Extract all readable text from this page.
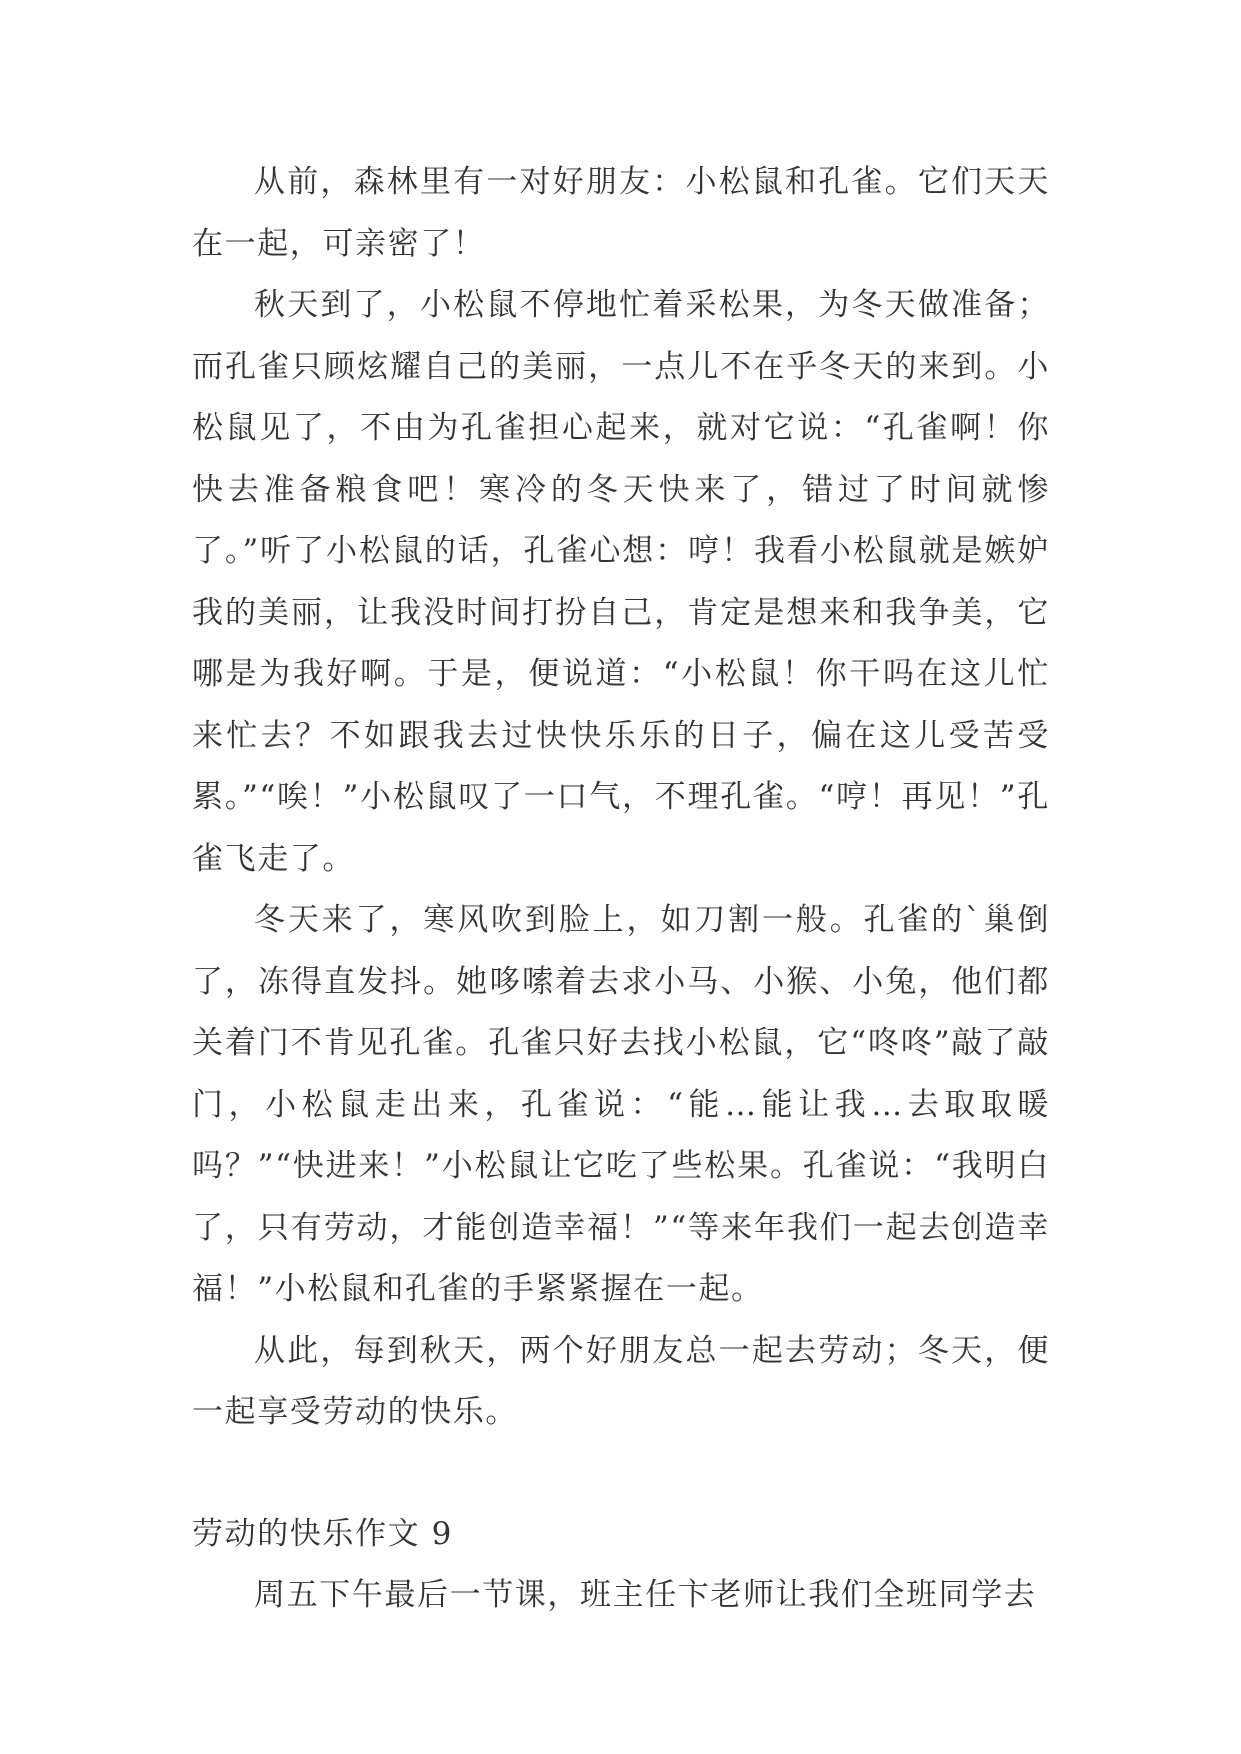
从前，森林里有一对好朋友：小松鼠和孔雀。它们天天在一起，可亲密了！

秋天到了，小松鼠不停地忙着采松果，为冬天做准备；而孔雀只顾炫耀自己的美丽，一点儿不在乎冬天的来到。小松鼠见了，不由为孔雀担心起来，就对它说：“孔雀啊！你快去准备粮食吧！寒冷的冬天快来了，错过了时间就惨了。”听了小松鼠的话，孔雀心想：哼！我看小松鼠就是嫉妒我的美丽，让我没时间打扮自己，肯定是想来和我争美，它哪是为我好啊。于是，便说道：“小松鼠！你干吗在这儿忙来忙去？不如跟我去过快快乐乐的日子，偏在这儿受苦受累。”“唉！”小松鼠叹了一口气，不理孔雀。“哼！再见！”孔雀飞走了。

冬天来了，寒风吹到脸上，如刀割一般。孔雀的`巢倒了，冻得直发抖。她哆嗦着去求小马、小猴、小兔，他们都关着门不肯见孔雀。孔雀只好去找小松鼠，它“咚咚”敲了敲门，小松鼠走出来，孔雀说：“能…能让我…去取取暖吗？”“快进来！”小松鼠让它吃了些松果。孔雀说：“我明白了，只有劳动，才能创造幸福！”“等来年我们一起去创造幸福！”小松鼠和孔雀的手紧紧握在一起。

从此，每到秋天，两个好朋友总一起去劳动；冬天，便一起享受劳动的快乐。

劳动的快乐作文 9

周五下午最后一节课，班主任卞老师让我们全班同学去
